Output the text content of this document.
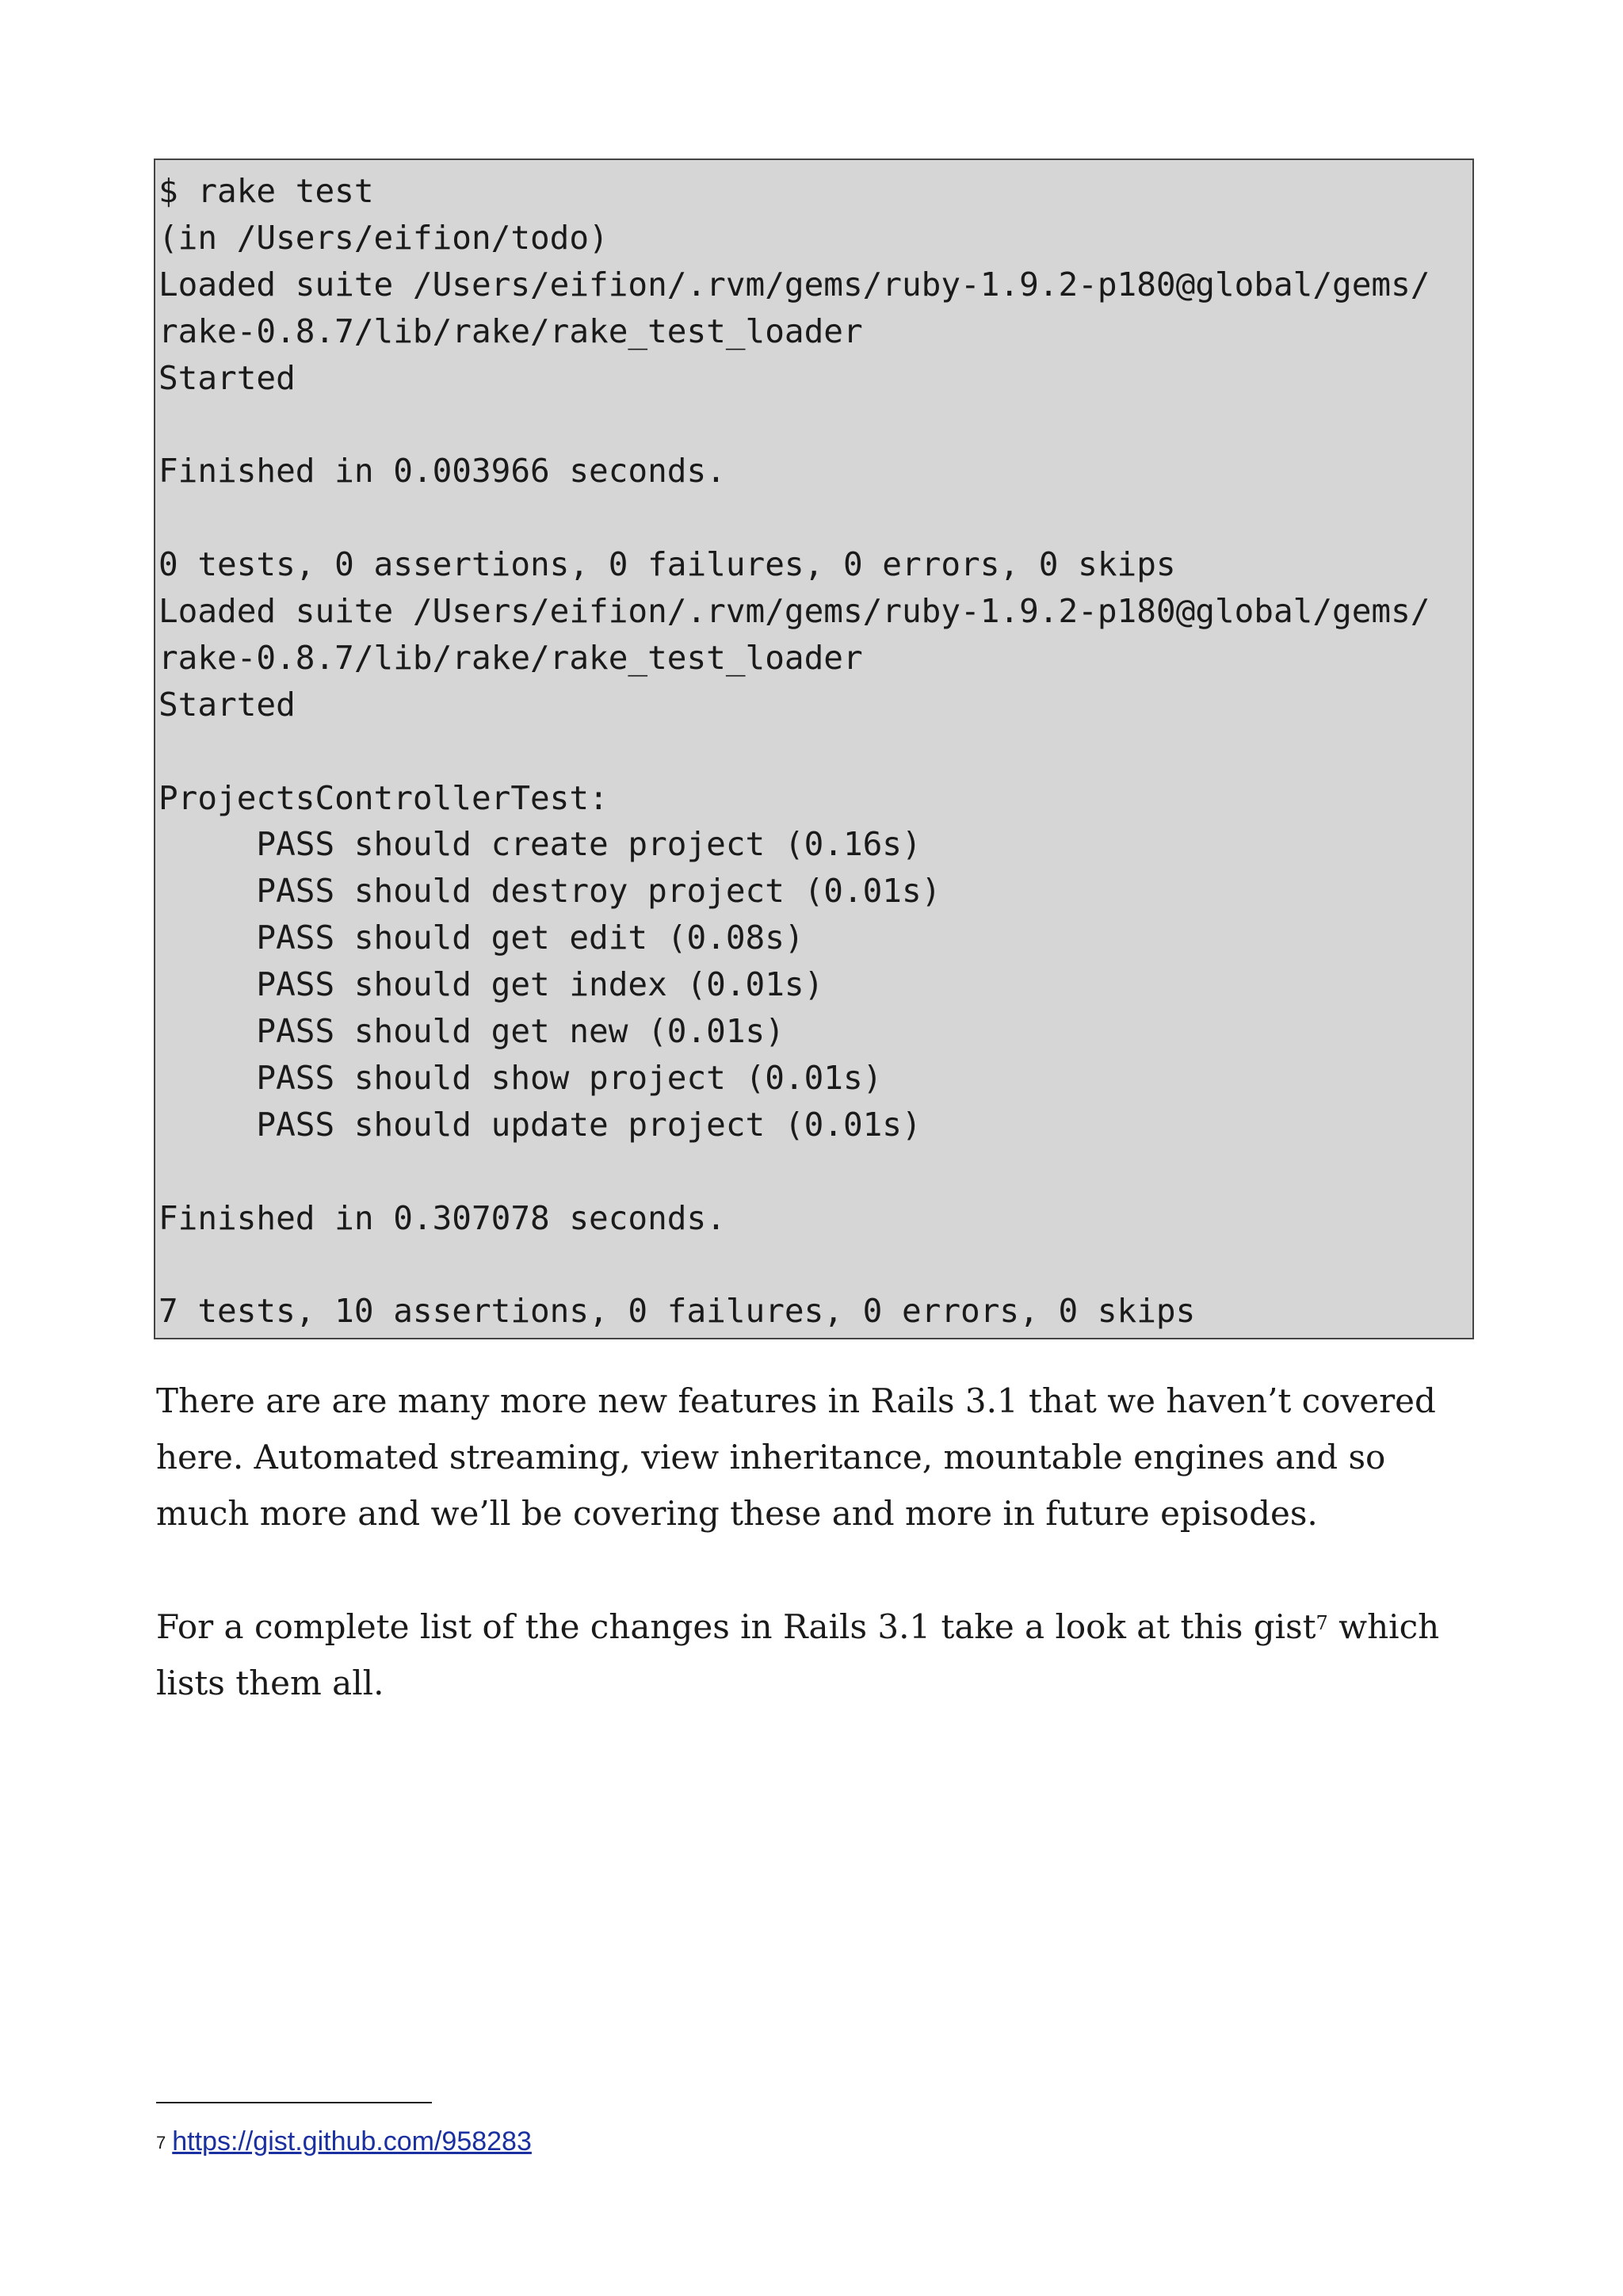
$ rake test
(in /Users/eifion/todo)
Loaded suite /Users/eifion/.rvm/gems/ruby-1.9.2-p180@global/gems/
rake-0.8.7/lib/rake/rake_test_loader
Started

Finished in 0.003966 seconds.

0 tests, 0 assertions, 0 failures, 0 errors, 0 skips
Loaded suite /Users/eifion/.rvm/gems/ruby-1.9.2-p180@global/gems/
rake-0.8.7/lib/rake/rake_test_loader
Started

ProjectsControllerTest:
PASS should create project (0.16s)
PASS should destroy project (0.01s)
PASS should get edit (0.08s)
PASS should get index (0.01s)
PASS should get new (0.01s)
PASS should show project (0.01s)
PASS should update project (0.01s)

Finished in 0.307078 seconds.

7 tests, 10 assertions, 0 failures, 0 errors, 0 skips

There are are many more new features in Rails 3.1 that we haven’t covered here. Automated streaming, view inheritance, mountable engines and so much more and we’ll be covering these and more in future episodes.

For a complete list of the changes in Rails 3.1 take a look at this gist$^7$ which lists them all.

$^7$ https://gist.github.com/958283
